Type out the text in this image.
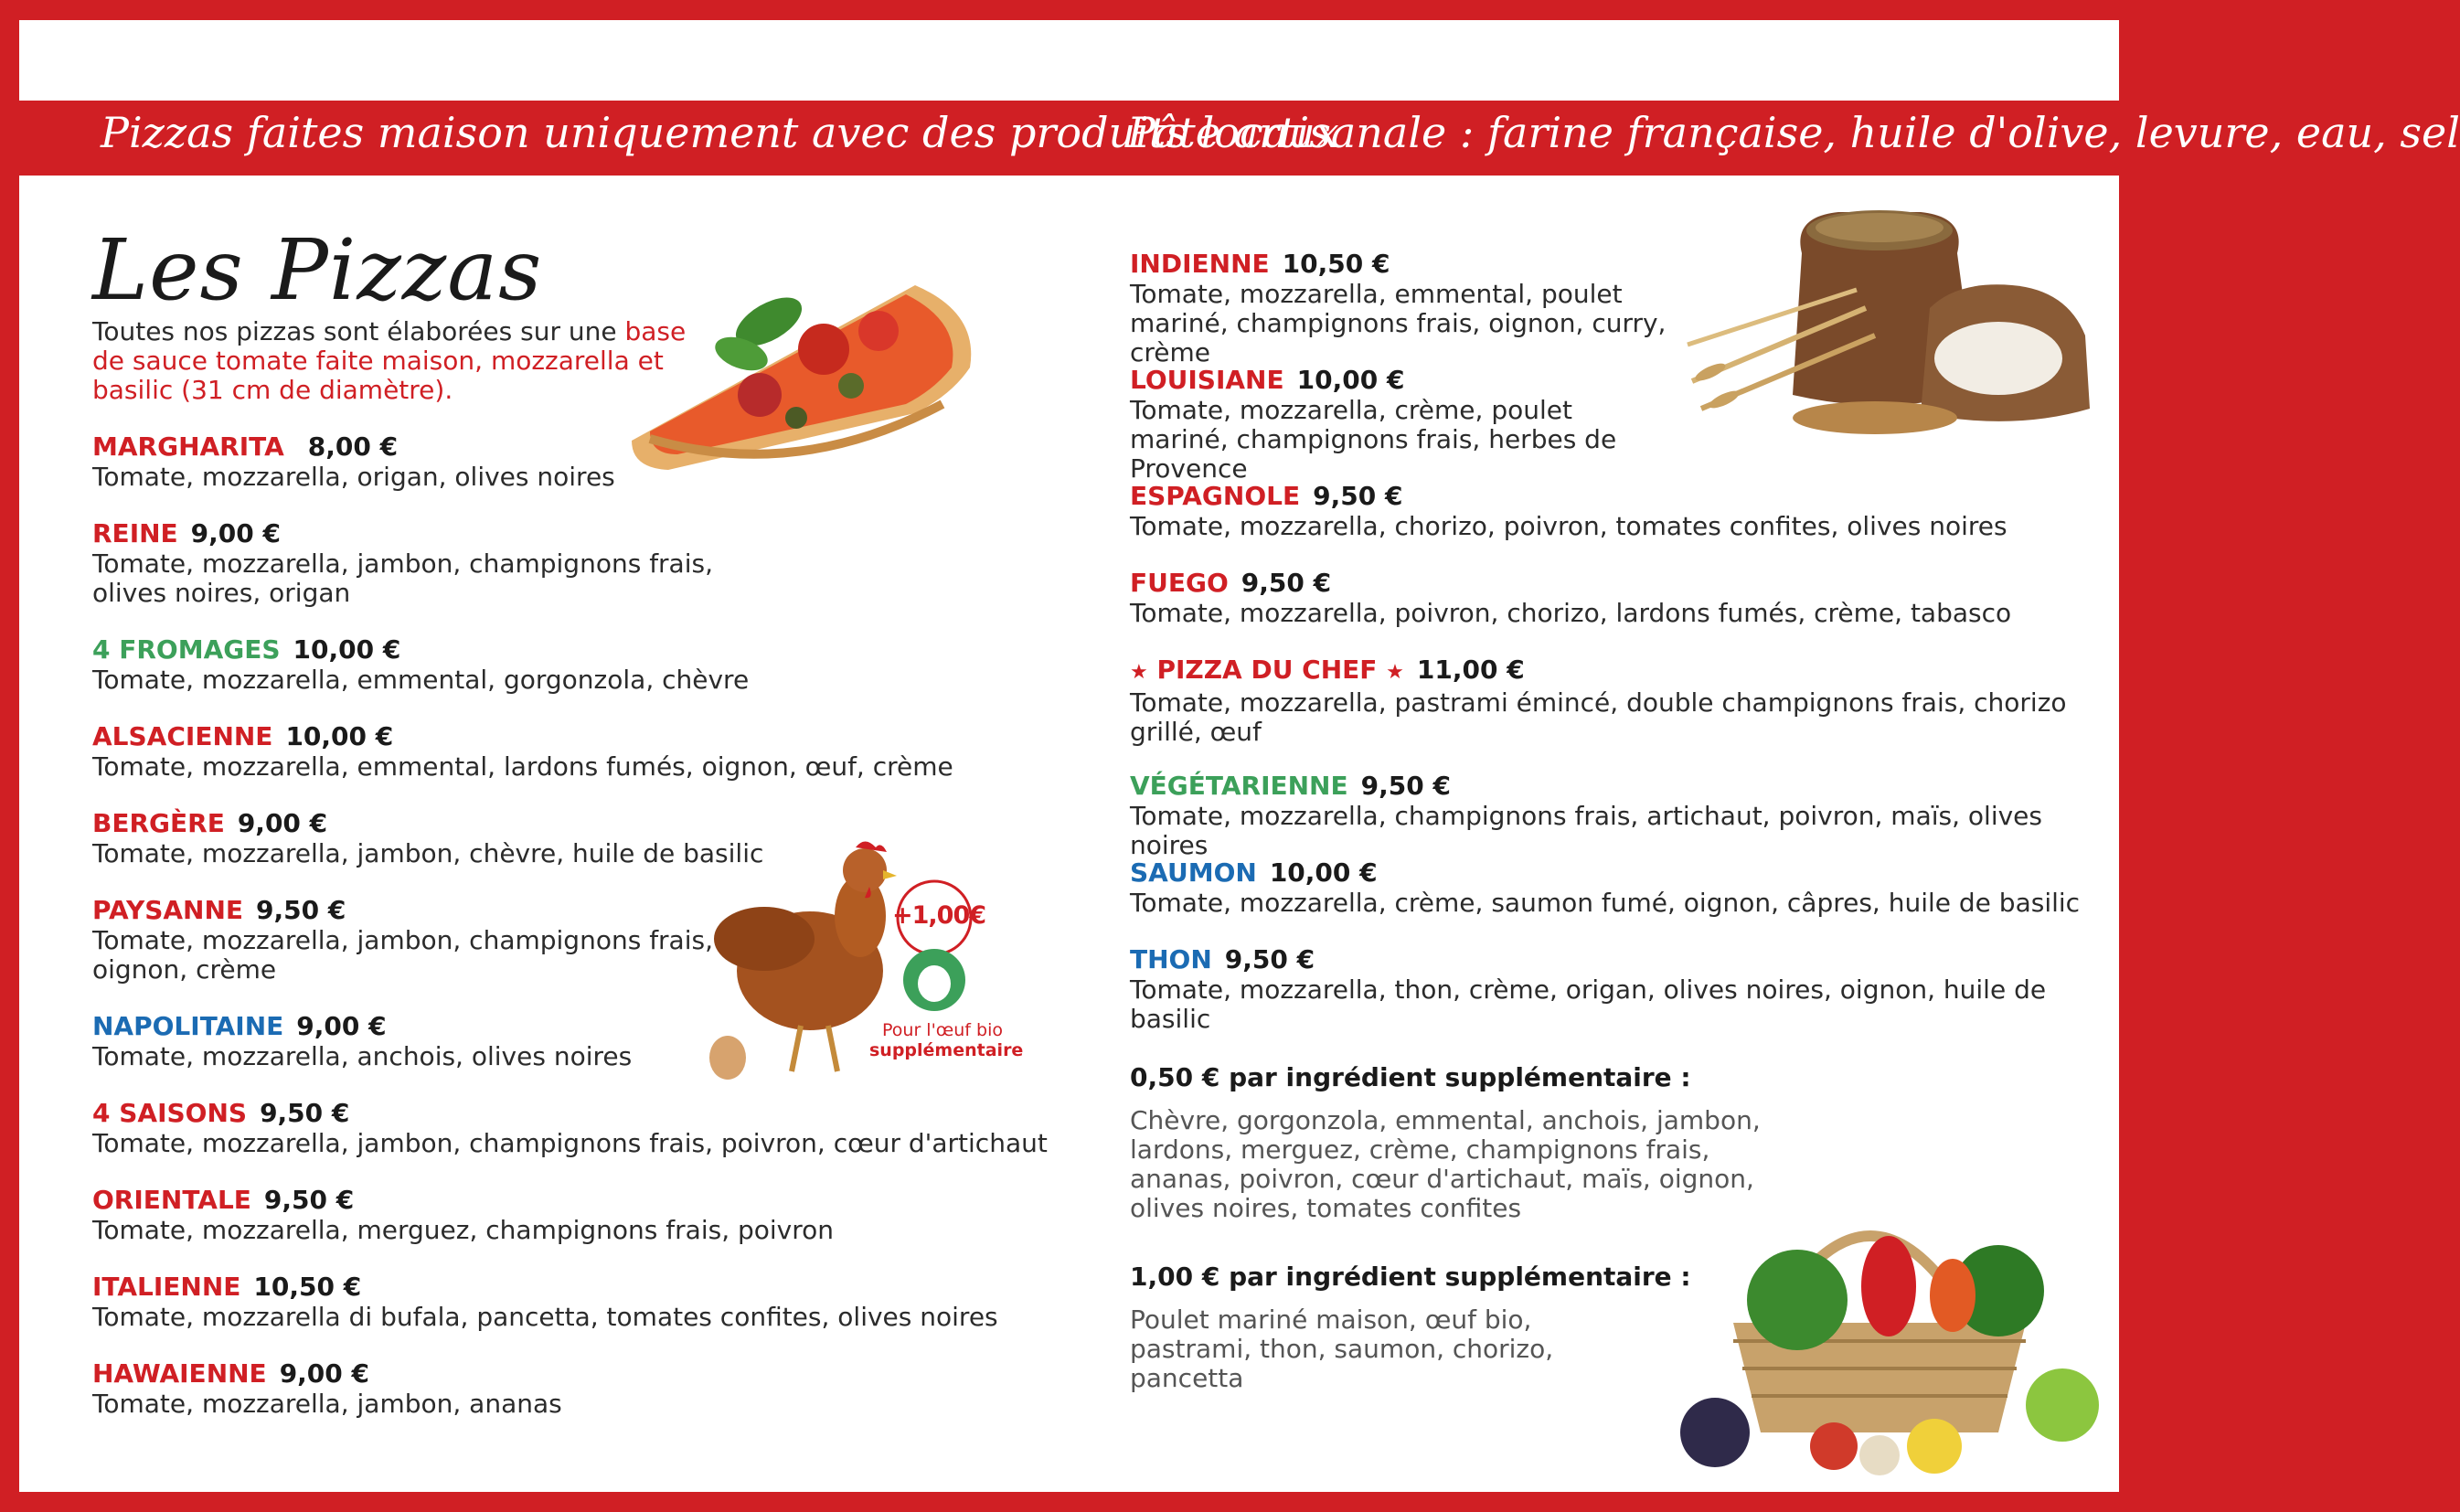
Pizzas faites maison uniquement avec des produits locaux
Pâte artisanale : farine française, huile d'olive, levure, eau, sel
Les Pizzas
Toutes nos pizzas sont élaborées sur une base de sauce tomate faite maison, mozzarella et basilic (31 cm de diamètre).
+1,00€
Pour l'œuf bio
supplémentaire
MARGHARITA 8,00 €
Tomate, mozzarella, origan, olives noires
REINE 9,00 €
Tomate, mozzarella, jambon, champignons frais, olives noires, origan
4 FROMAGES 10,00 €
Tomate, mozzarella, emmental, gorgonzola, chèvre
ALSACIENNE 10,00 €
Tomate, mozzarella, emmental, lardons fumés, oignon, œuf, crème
BERGÈRE 9,00 €
Tomate, mozzarella, jambon, chèvre, huile de basilic
PAYSANNE 9,50 €
Tomate, mozzarella, jambon, champignons frais, oignon, crème
NAPOLITAINE 9,00 €
Tomate, mozzarella, anchois, olives noires
4 SAISONS 9,50 €
Tomate, mozzarella, jambon, champignons frais, poivron, cœur d'artichaut
ORIENTALE 9,50 €
Tomate, mozzarella, merguez, champignons frais, poivron
ITALIENNE 10,50 €
Tomate, mozzarella di bufala, pancetta, tomates confites, olives noires
HAWAIENNE 9,00 €
Tomate, mozzarella, jambon, ananas
INDIENNE 10,50 €
Tomate, mozzarella, emmental, poulet mariné, champignons frais, oignon, curry, crème
LOUISIANE 10,00 €
Tomate, mozzarella, crème, poulet mariné, champignons frais, herbes de Provence
ESPAGNOLE 9,50 €
Tomate, mozzarella, chorizo, poivron, tomates confites, olives noires
FUEGO 9,50 €
Tomate, mozzarella, poivron, chorizo, lardons fumés, crème, tabasco
★ PIZZA DU CHEF ★ 11,00 €
Tomate, mozzarella, pastrami émincé, double champignons frais, chorizo grillé, œuf
VÉGÉTARIENNE 9,50 €
Tomate, mozzarella, champignons frais, artichaut, poivron, maïs, olives noires
SAUMON 10,00 €
Tomate, mozzarella, crème, saumon fumé, oignon, câpres, huile de basilic
THON 9,50 €
Tomate, mozzarella, thon, crème, origan, olives noires, oignon, huile de basilic
0,50 € par ingrédient supplémentaire :
Chèvre, gorgonzola, emmental, anchois, jambon, lardons, merguez, crème, champignons frais, ananas, poivron, cœur d'artichaut, maïs, oignon, olives noires, tomates confites
1,00 € par ingrédient supplémentaire :
Poulet mariné maison, œuf bio, pastrami, thon, saumon, chorizo, pancetta
